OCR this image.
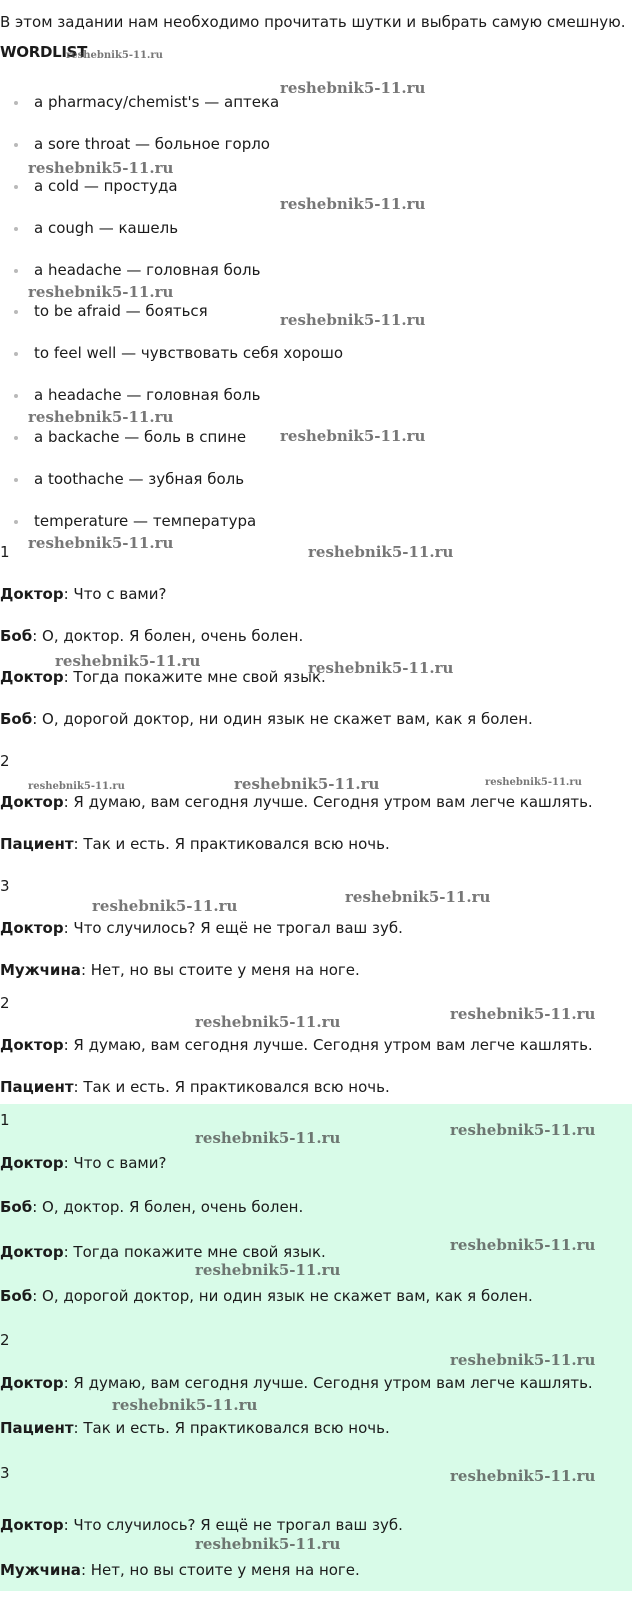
В этом задании нам необходимо прочитать шутки и выбрать самую смешную.
WORDLIST
a pharmacy/chemist's — аптека
a sore throat — больное горло
a cold — простуда
a cough — кашель
a headache — головная боль
to be afraid — бояться
to feel well — чувствовать себя хорошо
a headache — головная боль
a backache — боль в спине
a toothache — зубная боль
temperature — температура
1
Доктор: Что с вами?
Боб: О, доктор. Я болен, очень болен.
Доктор: Тогда покажите мне свой язык.
Боб: О, дорогой доктор, ни один язык не скажет вам, как я болен.
2
Доктор: Я думаю, вам сегодня лучше. Сегодня утром вам легче кашлять.
Пациент: Так и есть. Я практиковался всю ночь.
3
Доктор: Что случилось? Я ещё не трогал ваш зуб.
Мужчина: Нет, но вы стоите у меня на ноге.
2
Доктор: Я думаю, вам сегодня лучше. Сегодня утром вам легче кашлять.
Пациент: Так и есть. Я практиковался всю ночь.
1
Доктор: Что с вами?
Боб: О, доктор. Я болен, очень болен.
Доктор: Тогда покажите мне свой язык.
Боб: О, дорогой доктор, ни один язык не скажет вам, как я болен.
2
Доктор: Я думаю, вам сегодня лучше. Сегодня утром вам легче кашлять.
Пациент: Так и есть. Я практиковался всю ночь.
3
Доктор: Что случилось? Я ещё не трогал ваш зуб.
Мужчина: Нет, но вы стоите у меня на ноге.
reshebnik5-11.ru
reshebnik5-11.ru
reshebnik5-11.ru
reshebnik5-11.ru
reshebnik5-11.ru
reshebnik5-11.ru
reshebnik5-11.ru
reshebnik5-11.ru
reshebnik5-11.ru	reshebnik5-11.ru
reshebnik5-11.ru	reshebnik5-11.ru
reshebnik5-11.ru	reshebnik5-11.ru	reshebnik5-11.ru
reshebnik5-11.ru	reshebnik5-11.ru
reshebnik5-11.ru
reshebnik5-11.ru
reshebnik5-11.ru
reshebnik5-11.ru
reshebnik5-11.ru
reshebnik5-11.ru
reshebnik5-11.ru
reshebnik5-11.ru
reshebnik5-11.ru
reshebnik5-11.ru
